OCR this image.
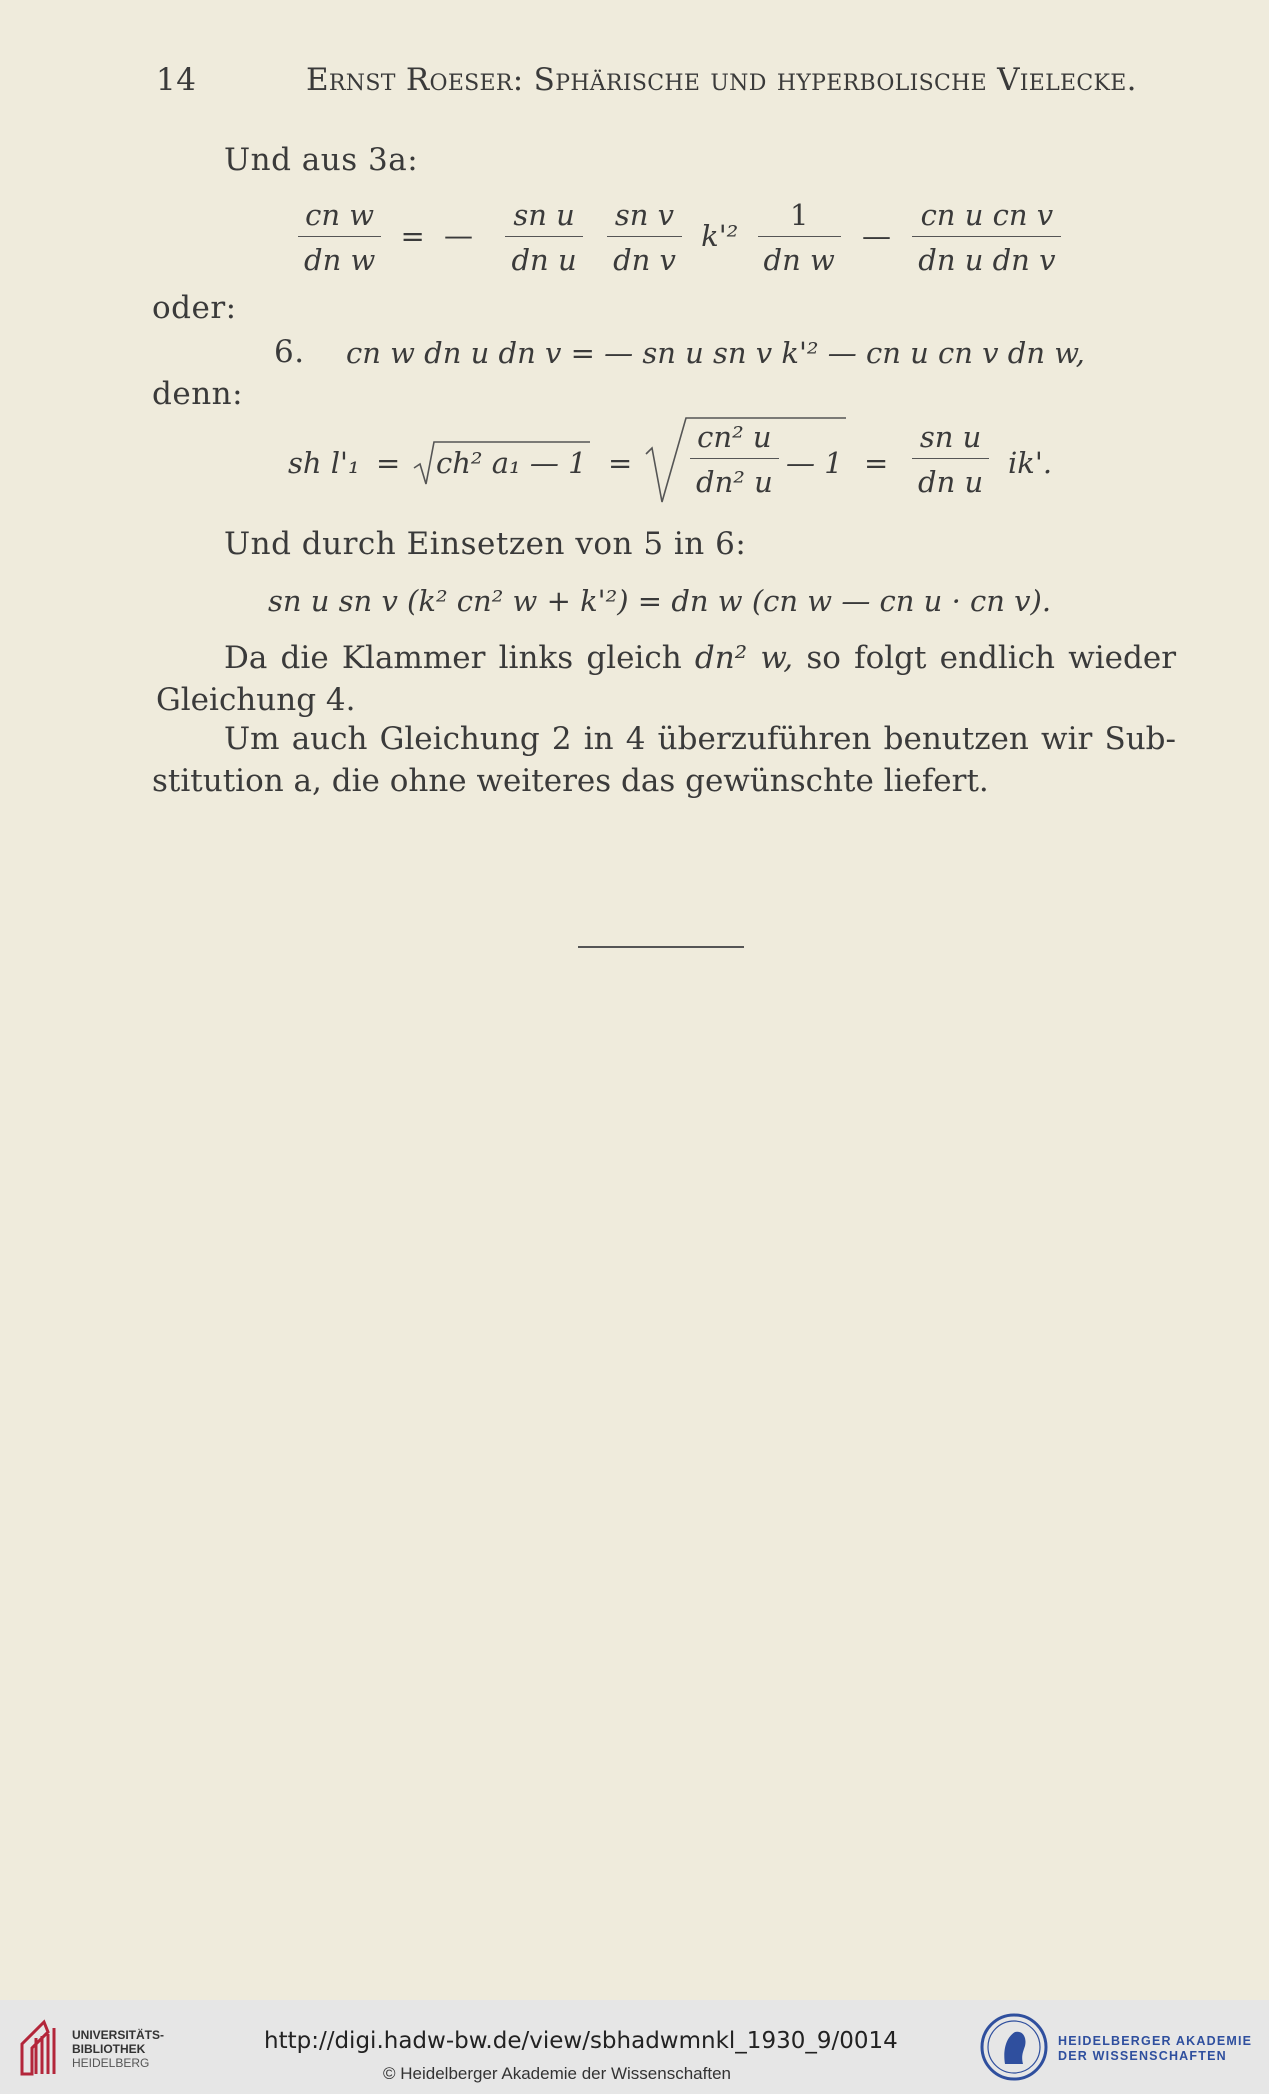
14	Ernst Roeser: Sphärische und hyperbolische Vielecke.
Und aus 3a:
$\frac{\text{cn w}}{\text{dn w}}$ = — $\frac{\text{sn u}}{\text{dn u}}$
$\frac{\text{sn v}}{\text{dn v}} k'^2 \frac{1}{\text{dn w}}$ — $\frac{\text{cn u cn v}}{\text{dn u dn v}}$
oder:
6. cn w dn u dn v = — sn u sn v k'² — cn u cn v dn w,
denn:
sh l'₁ = ch² a₁ — $1 = \frac{\text{cn² u}}{\text{dn² u}}$ — $1 = \frac{\text{sn u}}{\text{dn u}} ik'$.
Und durch Einsetzen von 5 in 6:
sn u sn v (k² cn² w + k'²) = dn w (cn w — cn u · cn v).
Da die Klammer links gleich dn² w, so folgt endlich wieder
Gleichung 4.
Um auch Gleichung 2 in 4 überzuführen benutzen wir Sub-
stitution a, die ohne weiteres das gewünschte liefert.
UNIVERSITÄTS-
BIBLIOTHEK
HEIDELBERG
http://digi.hadw-bw.de/view/sbhadwmnkl_1930_9/0014
© Heidelberger Akademie der Wissenschaften
HEIDELBERGER AKADEMIE
DER WISSENSCHAFTEN
